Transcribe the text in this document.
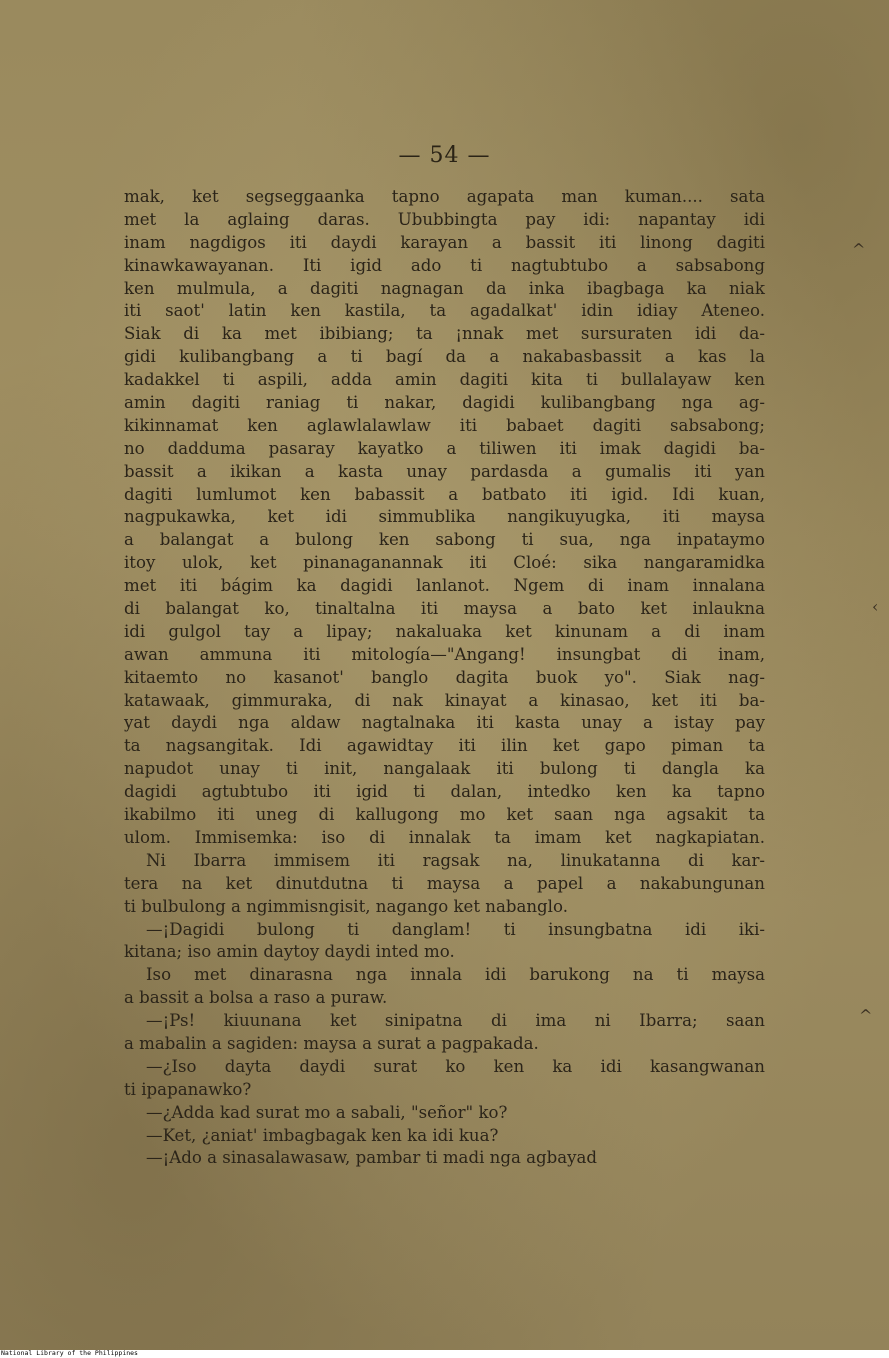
— 54 —
^
‹
^
mak, ket segseggaanka tapno agapata man kuman.... sata
met la aglaing daras. Ububbingta pay idi: napantay idi
inam nagdigos iti daydi karayan a bassit iti linong dagiti
kinawkawayanan. Iti igid ado ti nagtubtubo a sabsabong
ken mulmula, a dagiti nagnagan da inka ibagbaga ka niak
iti saot' latin ken kastila, ta agadalkat' idin idiay Ateneo.
Siak di ka met ibibiang; ta ¡nnak met sursuraten idi da-
gidi kulibangbang a ti bagí da a nakabasbassit a kas la
kadakkel ti aspili, adda amin dagiti kita ti bullalayaw ken
amin dagiti raniag ti nakar, dagidi kulibangbang nga ag-
kikinnamat ken aglawlalawlaw iti babaet dagiti sabsabong;
no dadduma pasaray kayatko a tiliwen iti imak dagidi ba-
bassit a ikikan a kasta unay pardasda a gumalis iti yan
dagiti lumlumot ken babassit a batbato iti igid. Idi kuan,
nagpukawka, ket idi simmublika nangikuyugka, iti maysa
a balangat a bulong ken sabong ti sua, nga inpataymo
itoy ulok, ket pinanaganannak iti Cloé: sika nangaramidka
met iti bágim ka dagidi lanlanot. Ngem di inam innalana
di balangat ko, tinaltalna iti maysa a bato ket inlaukna
idi gulgol tay a lipay; nakaluaka ket kinunam a di inam
awan ammuna iti mitología—"Angang! insungbat di inam,
kitaemto no kasanot' banglo dagita buok yo". Siak nag-
katawaak, gimmuraka, di nak kinayat a kinasao, ket iti ba-
yat daydi nga aldaw nagtalnaka iti kasta unay a istay pay
ta nagsangitak. Idi agawidtay iti ilin ket gapo piman ta
napudot unay ti init, nangalaak iti bulong ti dangla ka
dagidi agtubtubo iti igid ti dalan, intedko ken ka tapno
ikabilmo iti uneg di kallugong mo ket saan nga agsakit ta
ulom. Immisemka: iso di innalak ta imam ket nagkapiatan.
Ni Ibarra immisem iti ragsak na, linukatanna di kar-
tera na ket dinutdutna ti maysa a papel a nakabungunan
ti bulbulong a ngimmisngisit, nagango ket nabanglo.
—¡Dagidi bulong ti danglam! ti insungbatna idi iki-
kitana; iso amin daytoy daydi inted mo.
Iso met dinarasna nga innala idi barukong na ti maysa
a bassit a bolsa a raso a puraw.
—¡Ps! kiuunana ket sinipatna di ima ni Ibarra; saan
a mabalin a sagiden: maysa a surat a pagpakada.
—¿Iso dayta daydi surat ko ken ka idi kasangwanan
ti ipapanawko?
—¿Adda kad surat mo a sabali, "señor" ko?
—Ket, ¿aniat' imbagbagak ken ka idi kua?
—¡Ado a sinasalawasaw, pambar ti madi nga agbayad
National Library of the Philippines
